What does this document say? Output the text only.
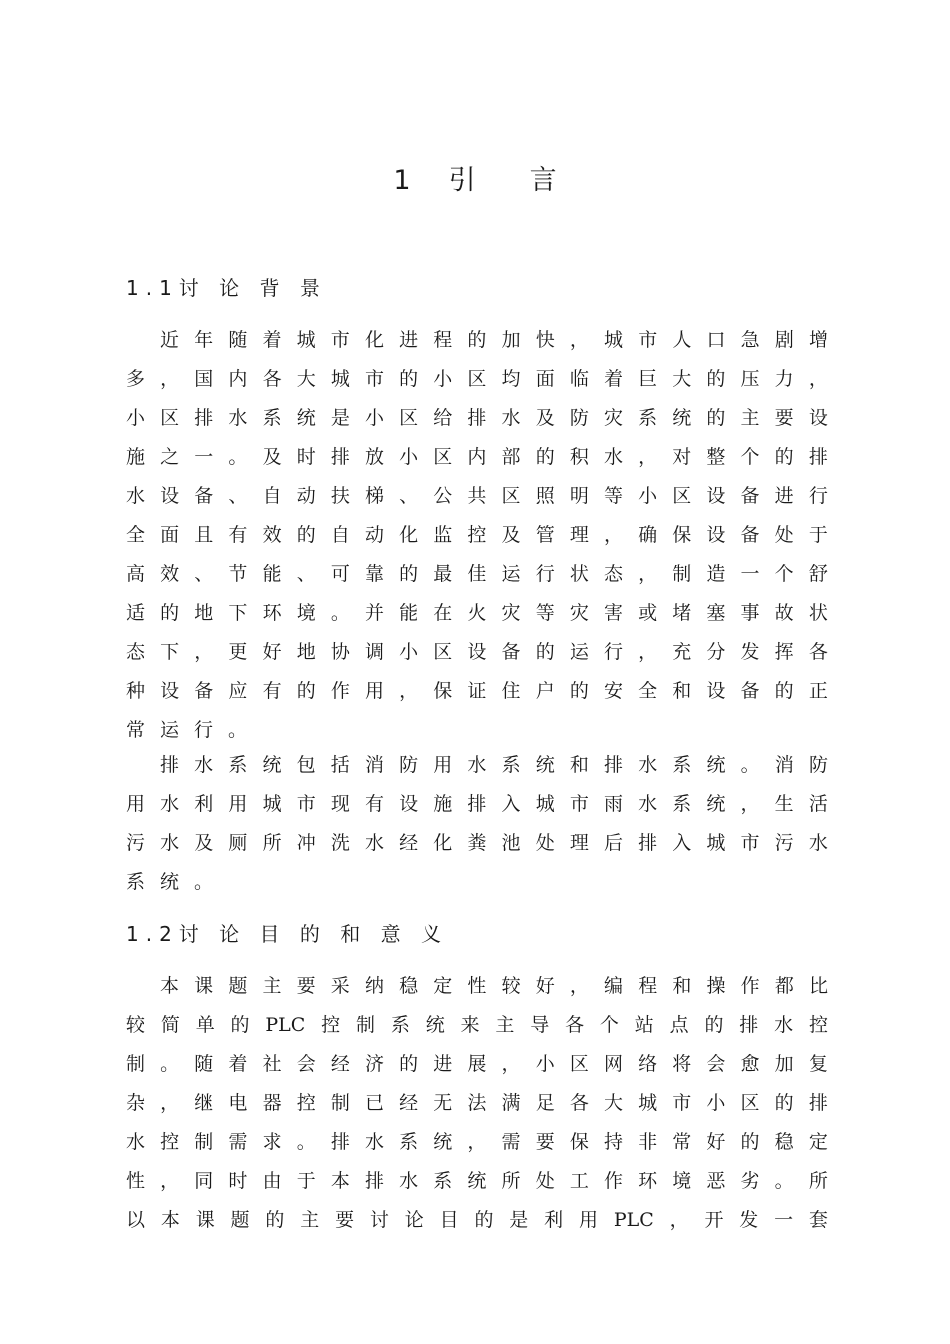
1 引 言
1.1讨 论 背 景
近 年 随 着 城 市 化 进 程 的 加 快 ， 城 市 人 口 急 剧 增
多 ， 国 内 各 大 城 市 的 小 区 均 面 临 着 巨 大 的 压 力 ，
小 区 排 水 系 统 是 小 区 给 排 水 及 防 灾 系 统 的 主 要 设
施 之 一 。 及 时 排 放 小 区 内 部 的 积 水 ， 对 整 个 的 排
水 设 备 、 自 动 扶 梯 、 公 共 区 照 明 等 小 区 设 备 进 行
全 面 且 有 效 的 自 动 化 监 控 及 管 理 ， 确 保 设 备 处 于
高 效 、 节 能 、 可 靠 的 最 佳 运 行 状 态 ， 制 造 一 个 舒
适 的 地 下 环 境 。 并 能 在 火 灾 等 灾 害 或 堵 塞 事 故 状
态 下 ， 更 好 地 协 调 小 区 设 备 的 运 行 ， 充 分 发 挥 各
种 设 备 应 有 的 作 用 ， 保 证 住 户 的 安 全 和 设 备 的 正
常 运 行 。
排 水 系 统 包 括 消 防 用 水 系 统 和 排 水 系 统 。 消 防
用 水 利 用 城 市 现 有 设 施 排 入 城 市 雨 水 系 统 ， 生 活
污 水 及 厕 所 冲 洗 水 经 化 粪 池 处 理 后 排 入 城 市 污 水
系 统 。
1.2讨 论 目 的 和 意 义
本 课 题 主 要 采 纳 稳 定 性 较 好 ， 编 程 和 操 作 都 比
较 简 单 的 PLC 控 制 系 统 来 主 导 各 个 站 点 的 排 水 控
制 。 随 着 社 会 经 济 的 进 展 ， 小 区 网 络 将 会 愈 加 复
杂 ， 继 电 器 控 制 已 经 无 法 满 足 各 大 城 市 小 区 的 排
水 控 制 需 求 。 排 水 系 统 ， 需 要 保 持 非 常 好 的 稳 定
性 ， 同 时 由 于 本 排 水 系 统 所 处 工 作 环 境 恶 劣 。 所
以 本 课 题 的 主 要 讨 论 目 的 是 利 用 PLC ， 开 发 一 套
